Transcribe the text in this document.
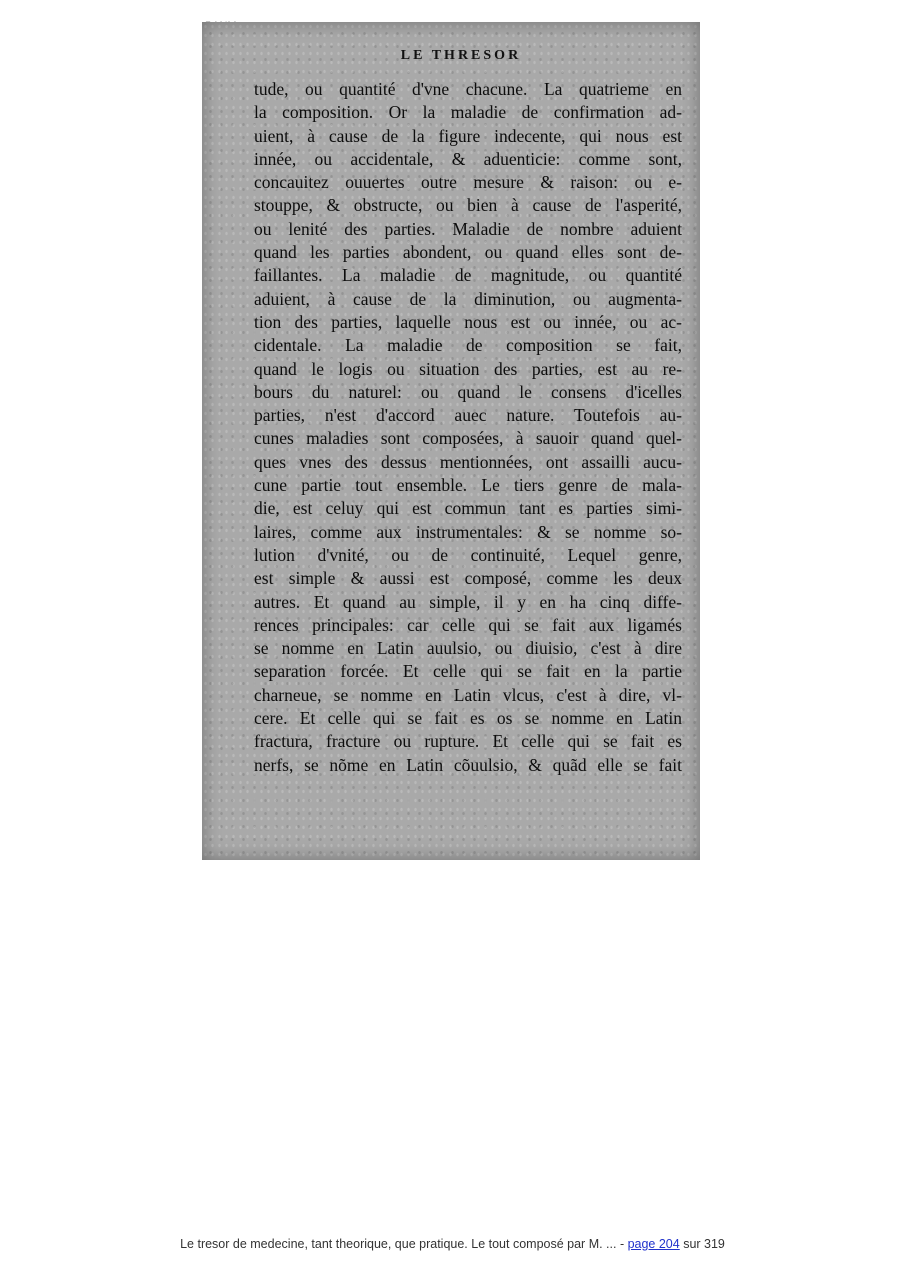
LE THRESOR
tude, ou quantité d'vne chacune. La quatrieme en
la composition. Or la maladie de confirmation ad-
uient, à cause de la figure indecente, qui nous est
innée, ou accidentale, & aduenticie: comme sont,
concauitez ouuertes outre mesure & raison: ou e-
stouppe, & obstructe, ou bien à cause de l'asperité,
ou lenité des parties. Maladie de nombre aduient
quand les parties abondent, ou quand elles sont de-
faillantes. La maladie de magnitude, ou quantité
aduient, à cause de la diminution, ou augmenta-
tion des parties, laquelle nous est ou innée, ou ac-
cidentale. La maladie de composition se fait,
quand le logis ou situation des parties, est au re-
bours du naturel: ou quand le consens d'icelles
parties, n'est d'accord auec nature. Toutefois au-
cunes maladies sont composées, à sauoir quand quel-
ques vnes des dessus mentionnées, ont assailli aucu-
cune partie tout ensemble. Le tiers genre de mala-
die, est celuy qui est commun tant es parties simi-
laires, comme aux instrumentales: & se nomme so-
lution d'vnité, ou de continuité, Lequel genre,
est simple & aussi est composé, comme les deux
autres. Et quand au simple, il y en ha cinq diffe-
rences principales: car celle qui se fait aux ligamés
se nomme en Latin auulsio, ou diuisio, c'est à dire
separation forcée. Et celle qui se fait en la partie
charneue, se nomme en Latin vlcus, c'est à dire, vl-
cere. Et celle qui se fait es os se nomme en Latin
fractura, fracture ou rupture. Et celle qui se fait es
nerfs, se nõme en Latin cõuulsio, & quãd elle se fait
Le tresor de medecine, tant theorique, que pratique. Le tout composé par M. ... - page 204 sur 319
